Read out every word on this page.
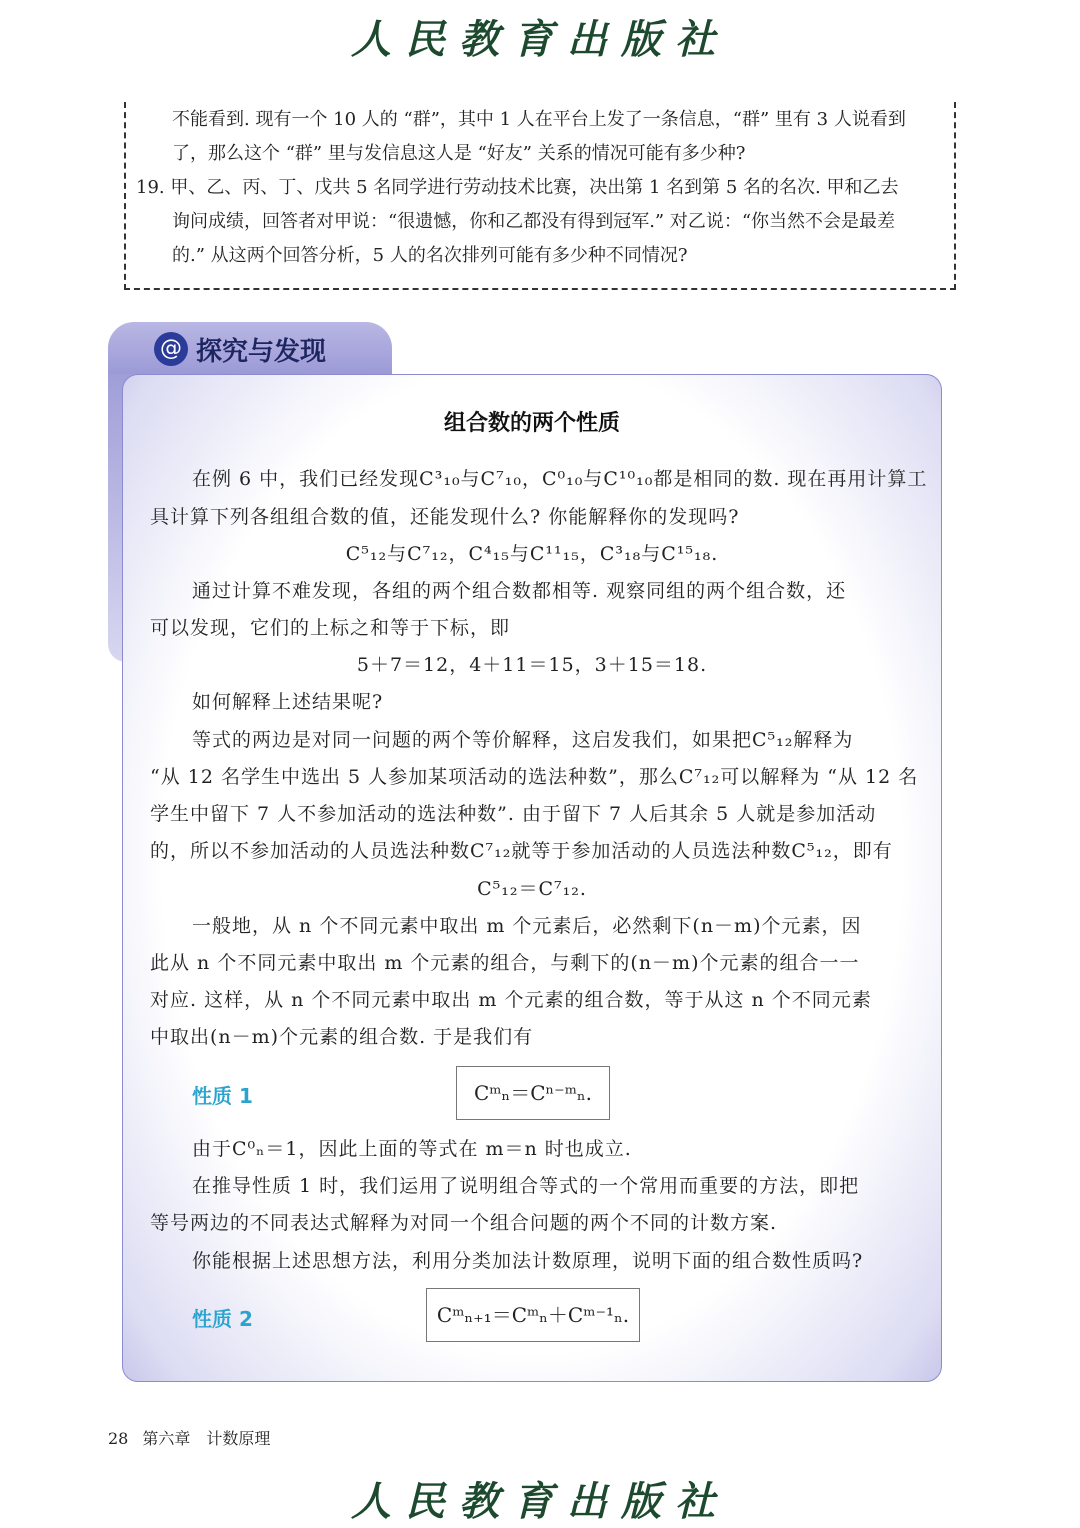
人民教育出版社
不能看到. 现有一个 10 人的 “群”，其中 1 人在平台上发了一条信息，“群” 里有 3 人说看到
了，那么这个 “群” 里与发信息这人是 “好友” 关系的情况可能有多少种?
19. 甲、乙、丙、丁、戊共 5 名同学进行劳动技术比赛，决出第 1 名到第 5 名的名次. 甲和乙去
询问成绩，回答者对甲说：“很遗憾，你和乙都没有得到冠军.” 对乙说：“你当然不会是最差
的.” 从这两个回答分析，5 人的名次排列可能有多少种不同情况?
@ 探究与发现
组合数的两个性质
在例 6 中，我们已经发现C³₁₀与C⁷₁₀，C⁰₁₀与C¹⁰₁₀都是相同的数. 现在再用计算工
具计算下列各组组合数的值，还能发现什么? 你能解释你的发现吗?
C⁵₁₂与C⁷₁₂，C⁴₁₅与C¹¹₁₅，C³₁₈与C¹⁵₁₈.
通过计算不难发现，各组的两个组合数都相等. 观察同组的两个组合数，还
可以发现，它们的上标之和等于下标，即
5＋7＝12，4＋11＝15，3＋15＝18.
如何解释上述结果呢?
等式的两边是对同一问题的两个等价解释，这启发我们，如果把C⁵₁₂解释为
“从 12 名学生中选出 5 人参加某项活动的选法种数”，那么C⁷₁₂可以解释为 “从 12 名
学生中留下 7 人不参加活动的选法种数”. 由于留下 7 人后其余 5 人就是参加活动
的，所以不参加活动的人员选法种数C⁷₁₂就等于参加活动的人员选法种数C⁵₁₂，即有
C⁵₁₂＝C⁷₁₂.
一般地，从 n 个不同元素中取出 m 个元素后，必然剩下(n－m)个元素，因
此从 n 个不同元素中取出 m 个元素的组合，与剩下的(n－m)个元素的组合一一
对应. 这样，从 n 个不同元素中取出 m 个元素的组合数，等于从这 n 个不同元素
中取出(n－m)个元素的组合数. 于是我们有
性质 1	Cᵐₙ＝Cⁿ⁻ᵐₙ.
由于C⁰ₙ＝1，因此上面的等式在 m＝n 时也成立.
在推导性质 1 时，我们运用了说明组合等式的一个常用而重要的方法，即把
等号两边的不同表达式解释为对同一个组合问题的两个不同的计数方案.
你能根据上述思想方法，利用分类加法计数原理，说明下面的组合数性质吗?
性质 2	Cᵐₙ₊₁＝Cᵐₙ＋Cᵐ⁻¹ₙ.
28 第六章　计数原理
人民教育出版社
